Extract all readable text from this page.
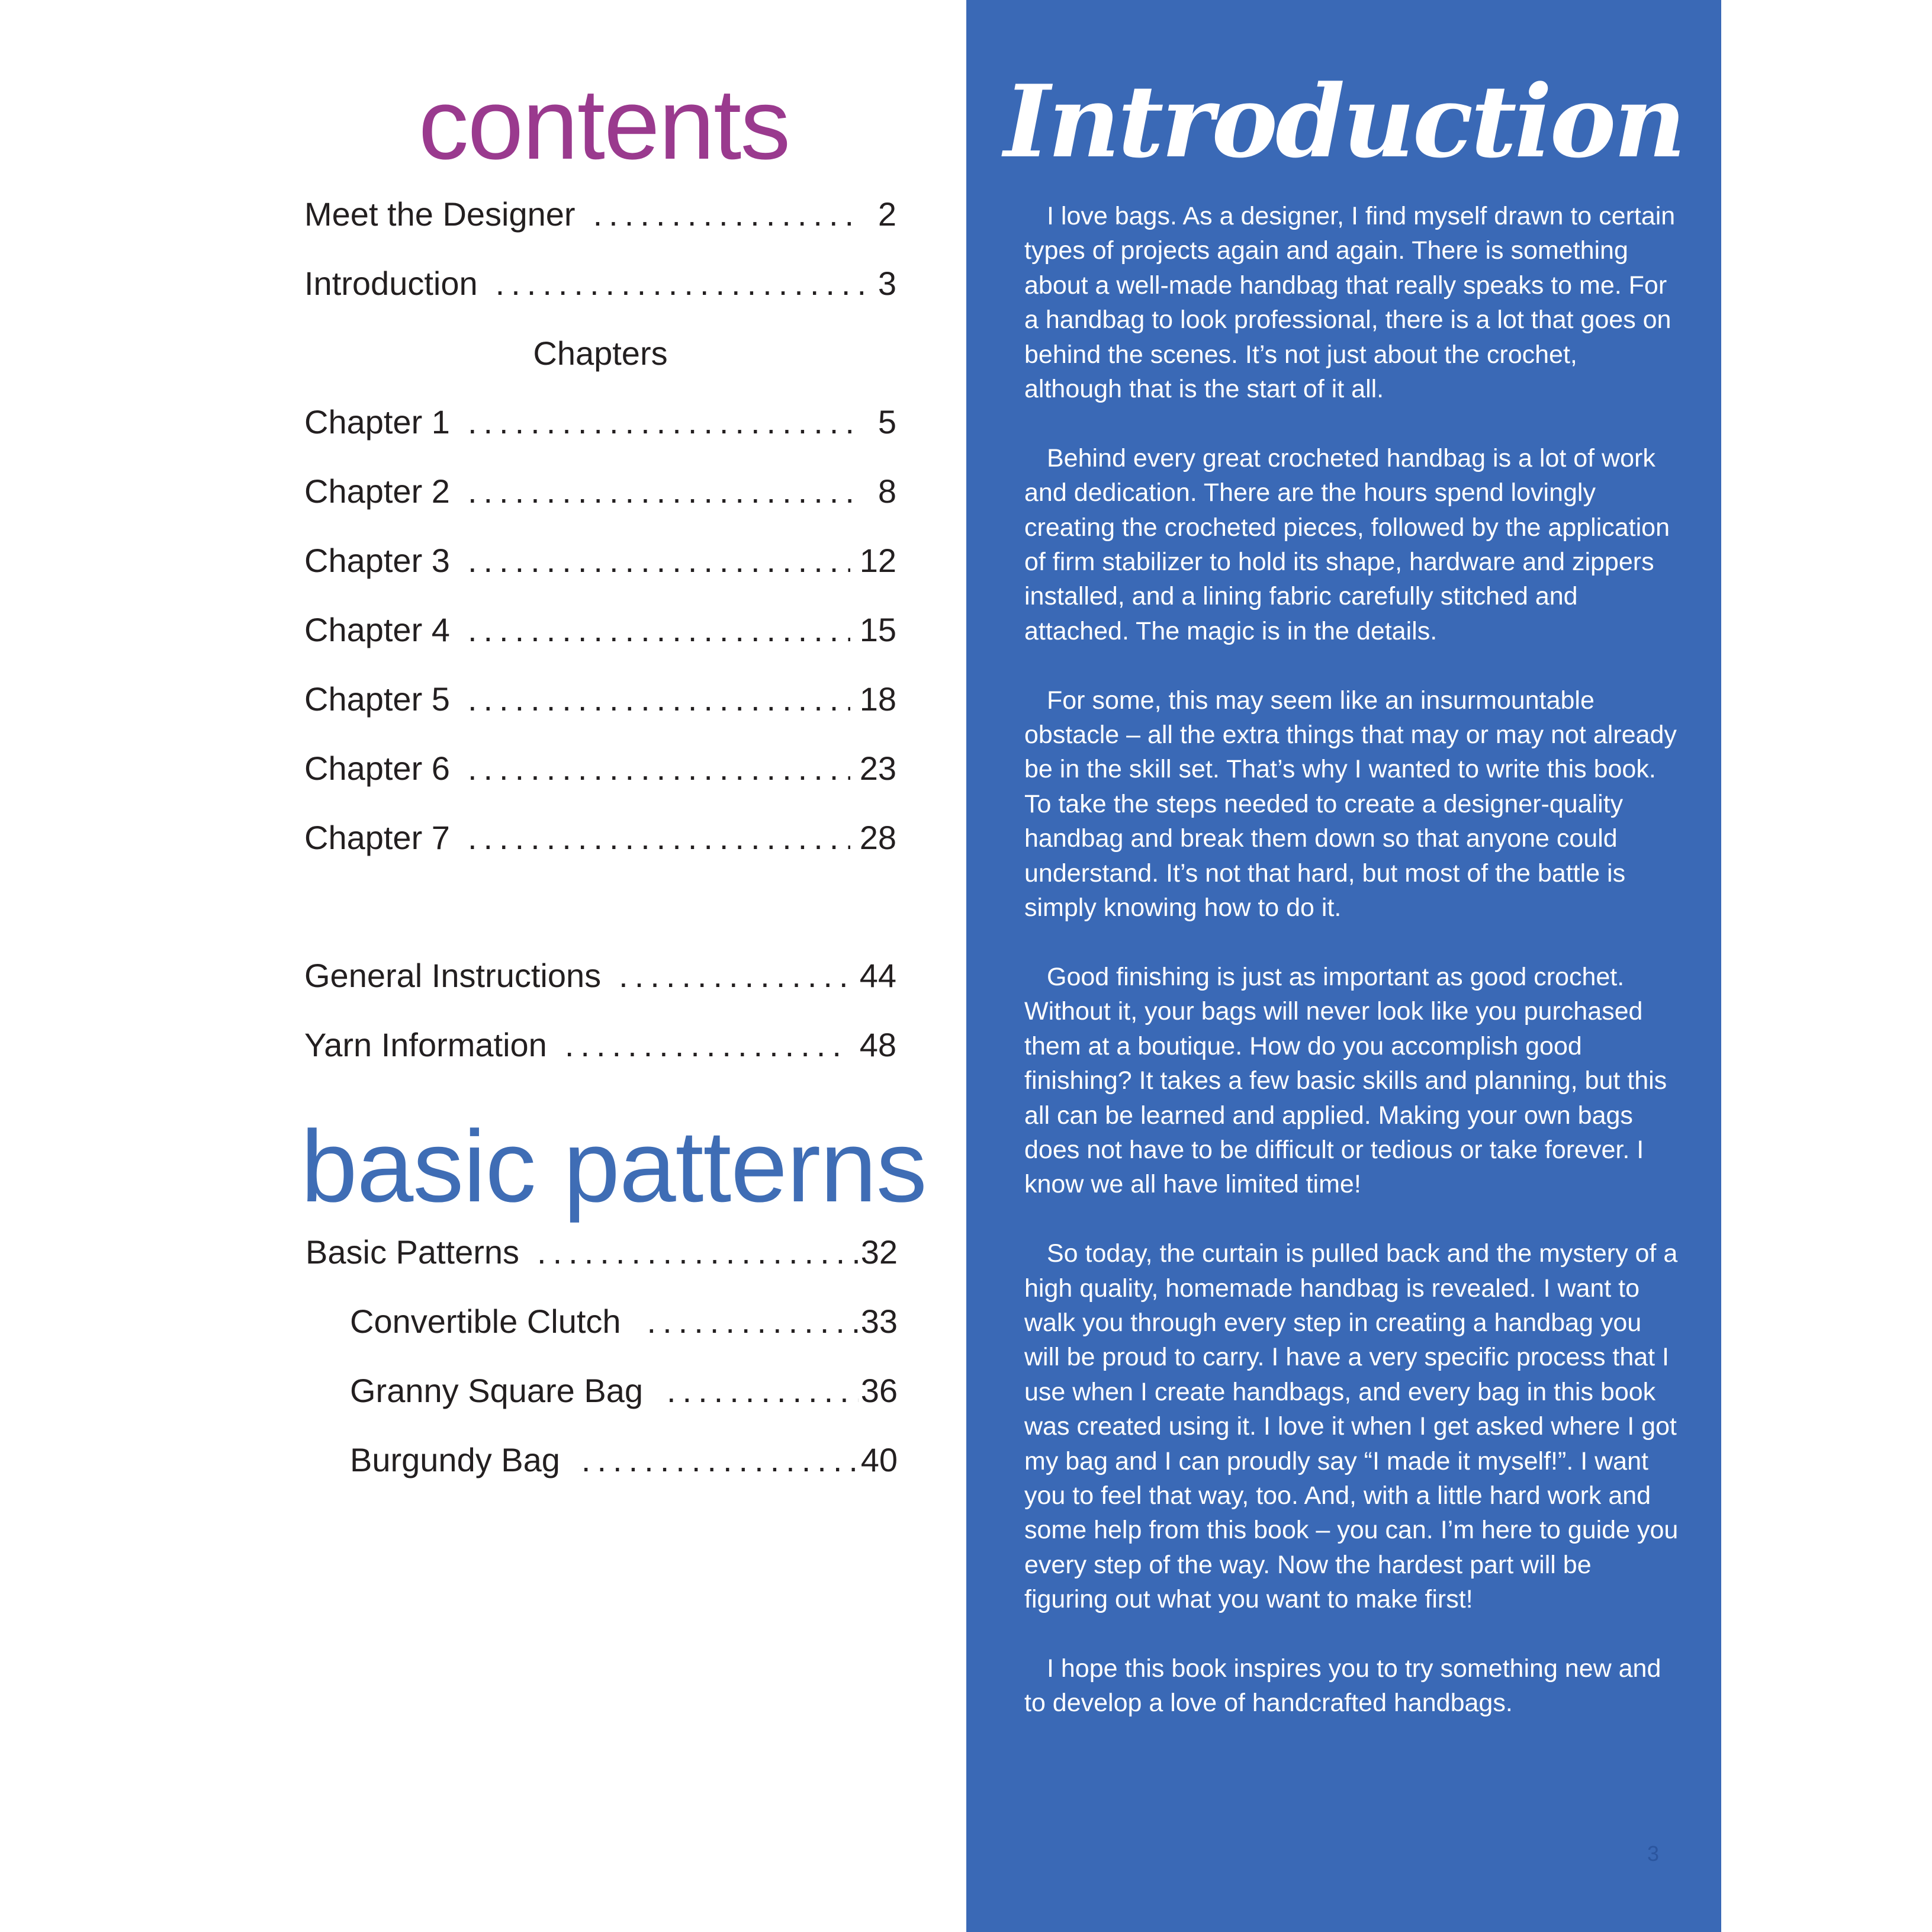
contents
Meet the Designer .....	2
Introduction .....	3
Chapters
Chapter 1 .....	5
Chapter 2 .....	8
Chapter 3 .....	12
Chapter 4 .....	15
Chapter 5 .....	18
Chapter 6 .....	23
Chapter 7 .....	28
General Instructions .....	44
Yarn Information .....	48
basic patterns
Basic Patterns .....	32
Convertible Clutch .....	33
Granny Square Bag .....	36
Burgundy Bag .....	40
Introduction

I love bags. As a designer, I find myself drawn to certain types of projects again and again. There is something about a well-made handbag that really speaks to me. For a handbag to look professional, there is a lot that goes on behind the scenes. It’s not just about the crochet, although that is the start of it all.

Behind every great crocheted handbag is a lot of work and dedication. There are the hours spend lovingly creating the crocheted pieces, followed by the application of firm stabilizer to hold its shape, hardware and zippers installed, and a lining fabric carefully stitched and attached. The magic is in the details.

For some, this may seem like an insurmountable obstacle – all the extra things that may or may not already be in the skill set. That’s why I wanted to write this book. To take the steps needed to create a designer-quality handbag and break them down so that anyone could understand. It’s not that hard, but most of the battle is simply knowing how to do it.

Good finishing is just as important as good crochet. Without it, your bags will never look like you purchased them at a boutique. How do you accomplish good finishing? It takes a few basic skills and planning, but this all can be learned and applied. Making your own bags does not have to be difficult or tedious or take forever. I know we all have limited time!

So today, the curtain is pulled back and the mystery of a high quality, homemade handbag is revealed. I want to walk you through every step in creating a handbag you will be proud to carry. I have a very specific process that I use when I create handbags, and every bag in this book was created using it. I love it when I get asked where I got my bag and I can proudly say “I made it myself!”. I want you to feel that way, too. And, with a little hard work and some help from this book – you can. I’m here to guide you every step of the way. Now the hardest part will be figuring out what you want to make first!

I hope this book inspires you to try something new and to develop a love of handcrafted handbags.

3
